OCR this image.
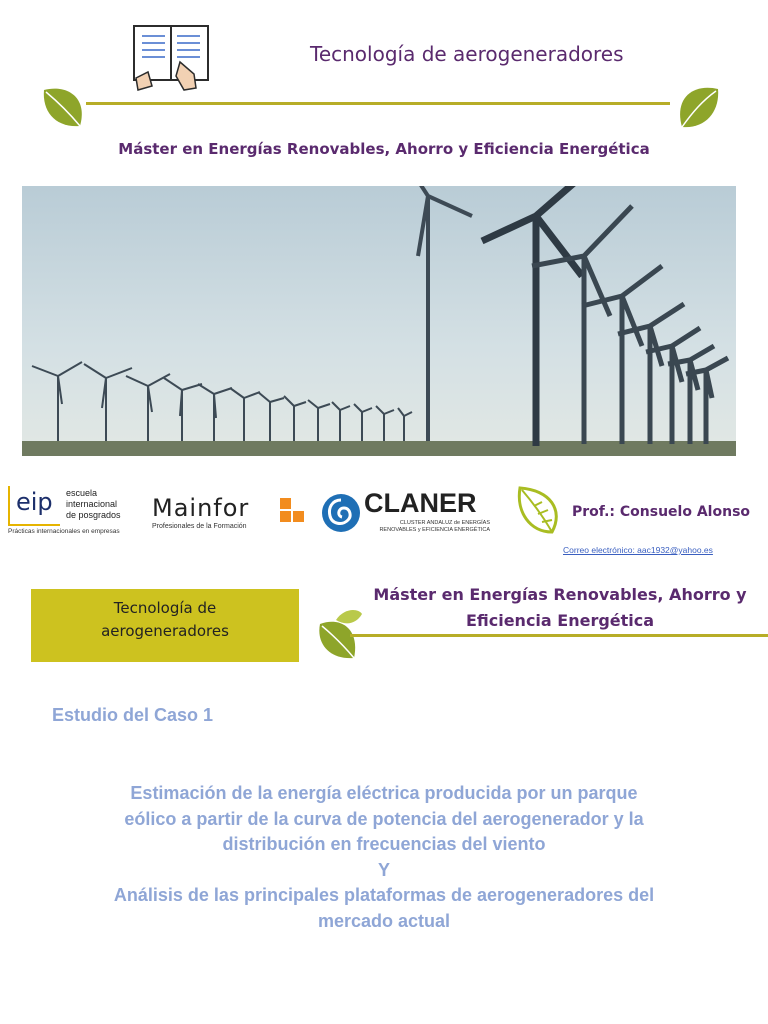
Tecnología de aerogeneradores
Máster en Energías Renovables, Ahorro y Eficiencia Energética
eip escuela
internacional
de posgrados
Prácticas internacionales en empresas
Mainfor
Profesionales de la Formación
CLANER
CLUSTER ANDALUZ de ENERGÍAS RENOVABLES y EFICIENCIA ENERGÉTICA
Prof.: Consuelo Alonso
Correo electrónico: aac1932@yahoo.es
Tecnología de
aerogeneradores
Máster en Energías Renovables, Ahorro y
Eficiencia Energética
Estudio del Caso 1
Estimación de la energía eléctrica producida por un parque
eólico a partir de la curva de potencia del aerogenerador y la
distribución en frecuencias del viento
Y
Análisis de las principales plataformas de aerogeneradores del
mercado actual
